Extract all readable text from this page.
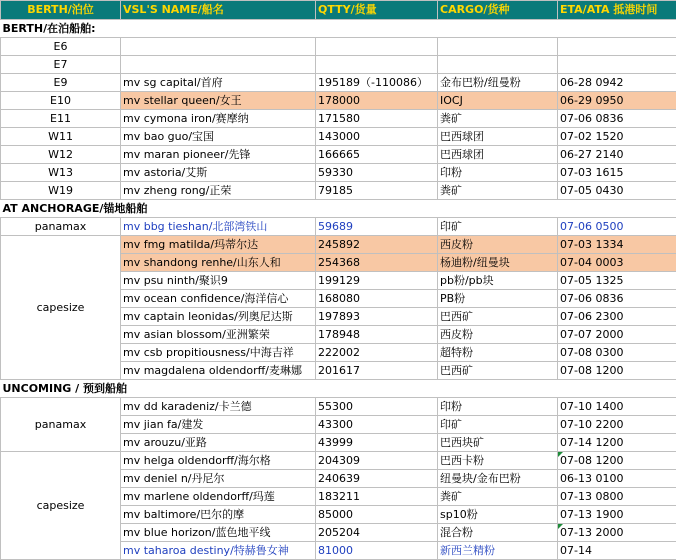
BERTH/泊位	VSL'S NAME/船名	QTTY/货量	CARGO/货种	ETA/ATA 抵港时间
BERTH/在泊船舶:				
E6				
E7				
E9	mv sg capital/首府	195189（-110086）	金布巴粉/纽曼粉	06-28 0942
E10	mv stellar queen/女王	178000	IOCJ	06-29 0950
E11	mv cymona iron/赛摩纳	171580	粪矿	07-06 0836
W11	mv bao guo/宝国	143000	巴西球团	07-02 1520
W12	mv maran pioneer/先锋	166665	巴西球团	06-27 2140
W13	mv astoria/艾斯	59330	印粉	07-03 1615
W19	mv zheng rong/正荣	79185	粪矿	07-05 0430
AT ANCHORAGE/锚地船舶				
panamax	mv bbg tieshan/北部湾铁山	59689	印矿	07-06 0500
capesize	mv fmg matilda/玛蒂尔达	245892	西皮粉	07-03 1334
	mv shandong renhe/山东人和	254368	杨迪粉/纽曼块	07-04 0003
	mv psu ninth/聚识9	199129	pb粉/pb块	07-05 1325
	mv ocean confidence/海洋信心	168080	PB粉	07-06 0836
	mv captain leonidas/列奥尼达斯	197893	巴西矿	07-06 2300
	mv asian blossom/亚洲繁荣	178948	西皮粉	07-07 2000
	mv csb propitiousness/中海吉祥	222002	超特粉	07-08 0300
	mv magdalena oldendorff/麦琳娜	201617	巴西矿	07-08 1200
UNCOMING / 预到船舶				
panamax	mv dd karadeniz/卡兰德	55300	印粉	07-10 1400
	mv jian fa/建发	43300	印矿	07-10 2200
	mv arouzu/亚路	43999	巴西块矿	07-14 1200
capesize	mv helga oldendorff/海尔格	204309	巴西卡粉	07-08 1200
	mv deniel n/丹尼尔	240639	纽曼块/金布巴粉	06-13 0100
	mv marlene oldendorff/玛莲	183211	粪矿	07-13 0800
	mv baltimore/巴尔的摩	85000	sp10粉	07-13 1900
	mv blue horizon/蓝色地平线	205204	混合粉	07-13 2000
	mv taharoa destiny/特赫鲁女神	81000	新西兰精粉	07-14
